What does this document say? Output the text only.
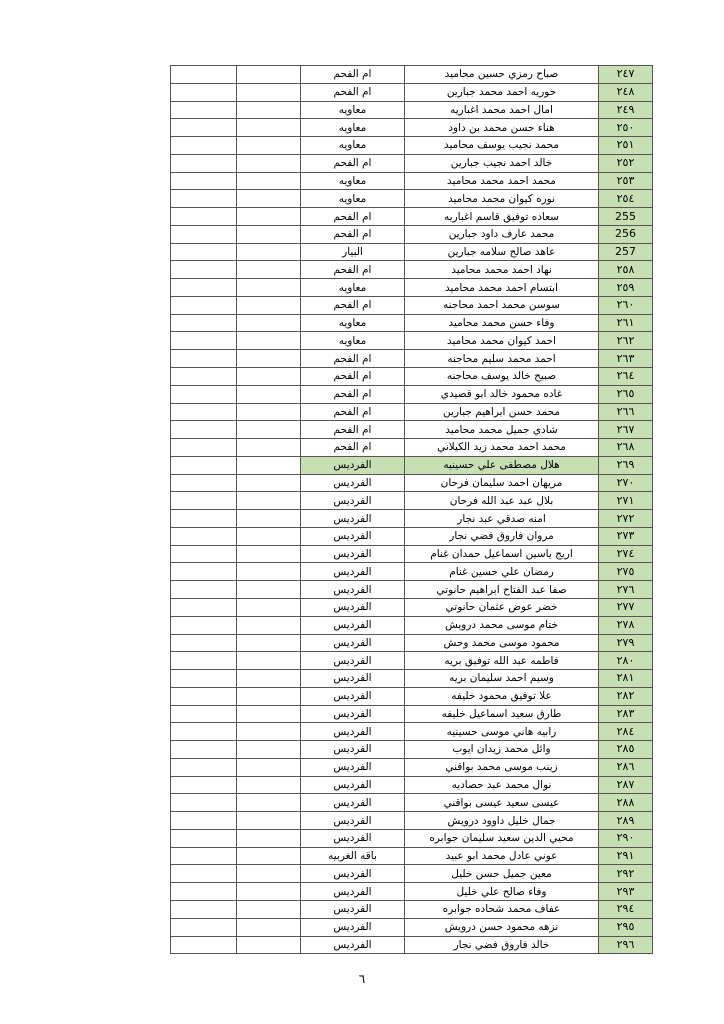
		ام الفحم	صباح رمزي حسين محاميد	٢٤٧
		ام الفحم	حوريه احمد محمد جبارين	٢٤٨
		معاويه	امال احمد محمد اغباريه	٢٤٩
		معاويه	هناء حسن محمد بن داود	٢٥٠
		معاويه	محمد نجيب يوسف محاميد	٢٥١
		ام الفحم	خالد احمد نجيب جبارين	٢٥٢
		معاويه	محمد احمد محمد محاميد	٢٥٣
		معاويه	نوره كيوان محمد محاميد	٢٥٤
		ام الفحم	سعاده توفيق قاسم اغباريه	255
		ام الفحم	محمد عارف داود جبارين	256
		البيار	عاهد صالح سلامه جبارين	257
		ام الفحم	نهاد احمد محمد محاميد	٢٥٨
		معاويه	ابتسام احمد محمد محاميد	٢٥٩
		ام الفحم	سوسن محمد احمد محاجنه	٢٦٠
		معاويه	وفاء حسن محمد محاميد	٢٦١
		معاويه	احمد كيوان محمد محاميد	٢٦٢
		ام الفحم	احمد محمد سليم محاجنه	٢٦٣
		ام الفحم	صبيح خالد يوسف محاجنه	٢٦٤
		ام الفحم	غاده محمود خالد ابو قصيدي	٢٦٥
		ام الفحم	محمد حسن ابراهيم جبارين	٢٦٦
		ام الفحم	شادي جميل محمد محاميد	٢٦٧
		ام الفحم	محمد احمد محمد زيد الكيلاني	٢٦٨
		الفرديس	هلال مصطفى علي حسينيه	٢٦٩
		الفرديس	مريهان احمد سليمان فرحان	٢٧٠
		الفرديس	بلال عبد عبد الله فرحان	٢٧١
		الفرديس	امنه صدقي عبد نجار	٢٧٢
		الفرديس	مروان فاروق فضي نجار	٢٧٣
		الفرديس	اريج ياسين اسماعيل حمدان غنام	٢٧٤
		الفرديس	رمضان علي حسين غنام	٢٧٥
		الفرديس	صفا عبد الفتاح ابراهيم حانوتي	٢٧٦
		الفرديس	خضر عوض عثمان حانوتي	٢٧٧
		الفرديس	ختام موسى محمد درويش	٢٧٨
		الفرديس	محمود موسى محمد وحش	٢٧٩
		الفرديس	فاطمه عبد الله توفيق بريه	٢٨٠
		الفرديس	وسيم احمد سليمان بريه	٢٨١
		الفرديس	علا توفيق محمود خليفه	٢٨٢
		الفرديس	طارق سعيد اسماعيل خليفه	٢٨٣
		الفرديس	رابيه هاني موسى حسينيه	٢٨٤
		الفرديس	وائل محمد زيدان ايوب	٢٨٥
		الفرديس	زينب موسى محمد بواقني	٢٨٦
		الفرديس	نوال محمد عبد حصاديه	٢٨٧
		الفرديس	عيسى سعيد عيسى بواقني	٢٨٨
		الفرديس	جمال خليل داوود درويش	٢٨٩
		الفرديس	محيي الدين سعيد سليمان جوابره	٢٩٠
		باقه الغربيه	عوني عادل محمد ابو عبيد	٢٩١
		الفرديس	معين جميل حسن خليل	٢٩٢
		الفرديس	وفاء صالح علي خليل	٢٩٣
		الفرديس	عفاف محمد شحاده جوابره	٢٩٤
		الفرديس	نزهه محمود حسن درويش	٢٩٥
		الفرديس	خالد فاروق فضي نجار	٢٩٦
٦
